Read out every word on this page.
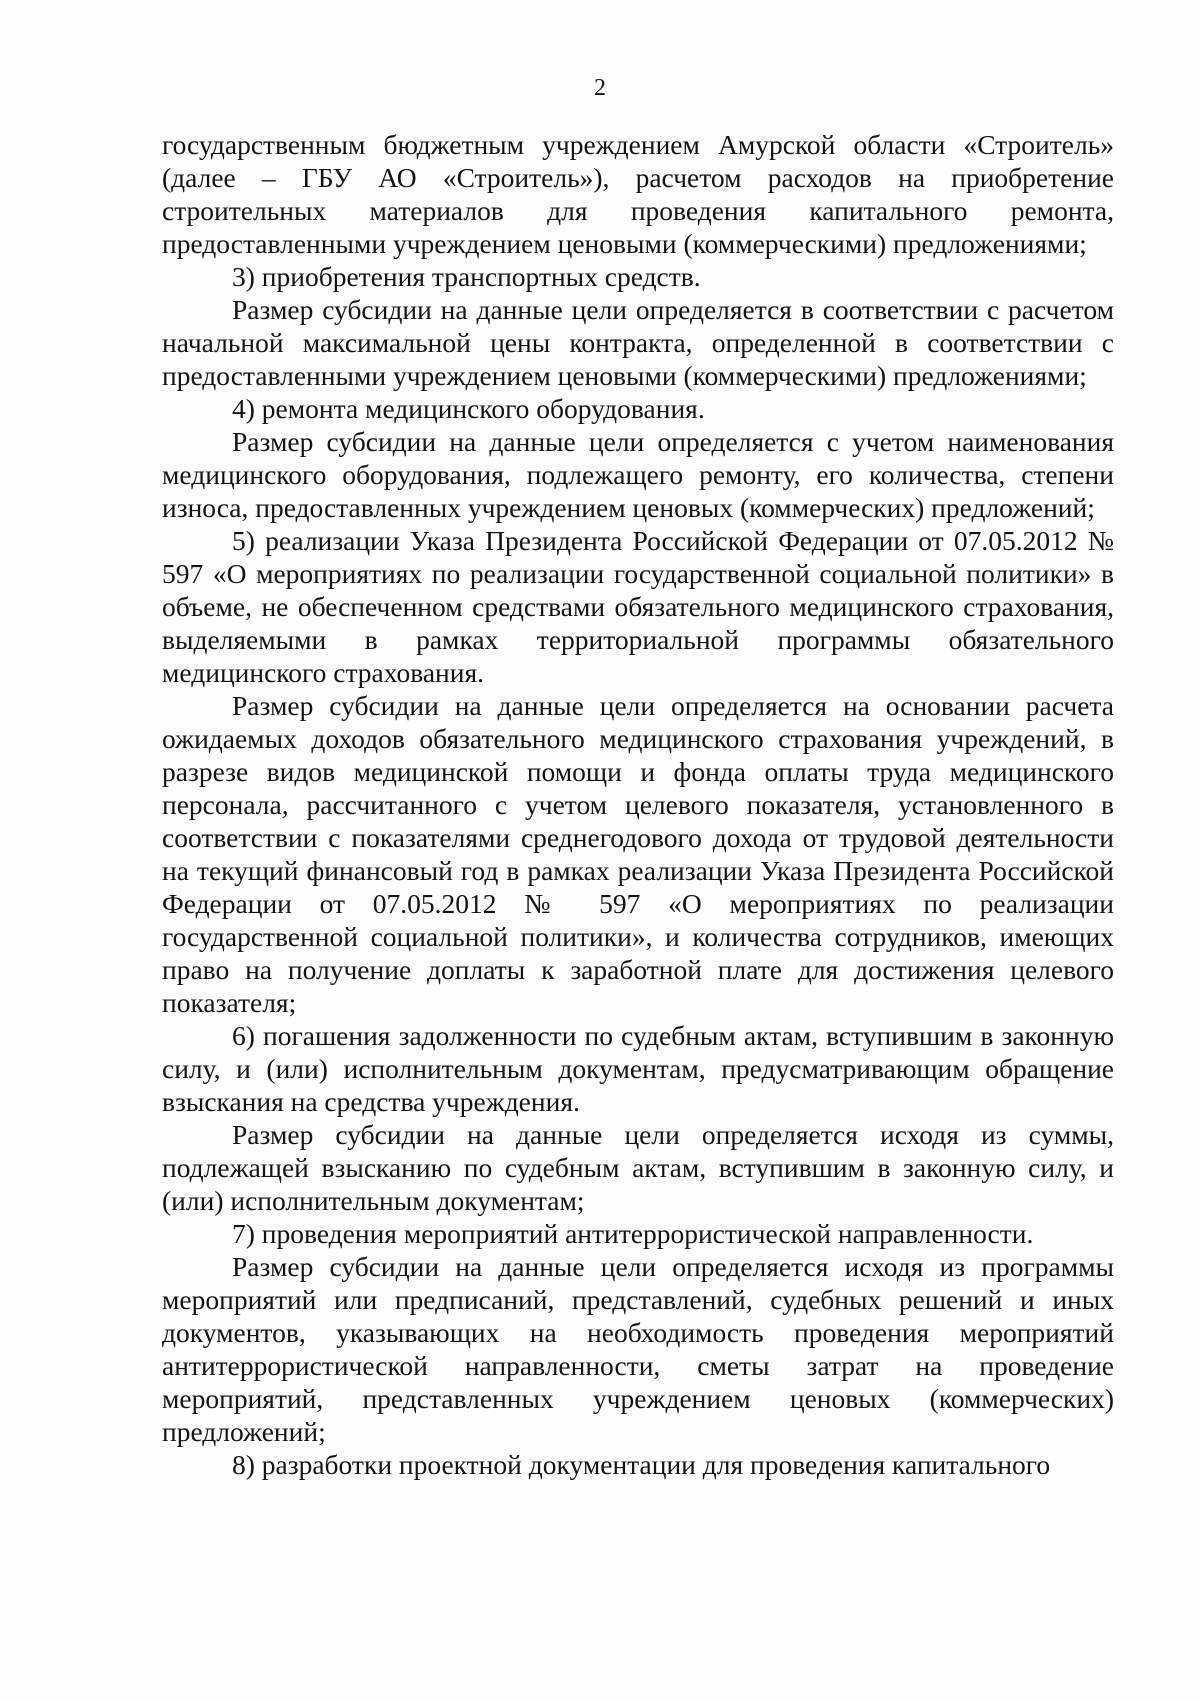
2

государственным бюджетным учреждением Амурской области «Строитель» (далее – ГБУ АО «Строитель»), расчетом расходов на приобретение строительных материалов для проведения капитального ремонта, предоставленными учреждением ценовыми (коммерческими) предложениями;

3) приобретения транспортных средств.

Размер субсидии на данные цели определяется в соответствии с расчетом начальной максимальной цены контракта, определенной в соответствии с предоставленными учреждением ценовыми (коммерческими) предложениями;

4) ремонта медицинского оборудования.

Размер субсидии на данные цели определяется с учетом наименования медицинского оборудования, подлежащего ремонту, его количества, степени износа, предоставленных учреждением ценовых (коммерческих) предложений;

5) реализации Указа Президента Российской Федерации от 07.05.2012 № 597 «О мероприятиях по реализации государственной социальной политики» в объеме, не обеспеченном средствами обязательного медицинского страхования, выделяемыми в рамках территориальной программы обязательного медицинского страхования.

Размер субсидии на данные цели определяется на основании расчета ожидаемых доходов обязательного медицинского страхования учреждений, в разрезе видов медицинской помощи и фонда оплаты труда медицинского персонала, рассчитанного с учетом целевого показателя, установленного в соответствии с показателями среднегодового дохода от трудовой деятельности на текущий финансовый год в рамках реализации Указа Президента Российской Федерации от 07.05.2012 № 597 «О мероприятиях по реализации государственной социальной политики», и количества сотрудников, имеющих право на получение доплаты к заработной плате для достижения целевого показателя;

6) погашения задолженности по судебным актам, вступившим в законную силу, и (или) исполнительным документам, предусматривающим обращение взыскания на средства учреждения.

Размер субсидии на данные цели определяется исходя из суммы, подлежащей взысканию по судебным актам, вступившим в законную силу, и (или) исполнительным документам;

7) проведения мероприятий антитеррористической направленности.

Размер субсидии на данные цели определяется исходя из программы мероприятий или предписаний, представлений, судебных решений и иных документов, указывающих на необходимость проведения мероприятий антитеррористической направленности, сметы затрат на проведение мероприятий, представленных учреждением ценовых (коммерческих) предложений;

8) разработки проектной документации для проведения капитального
